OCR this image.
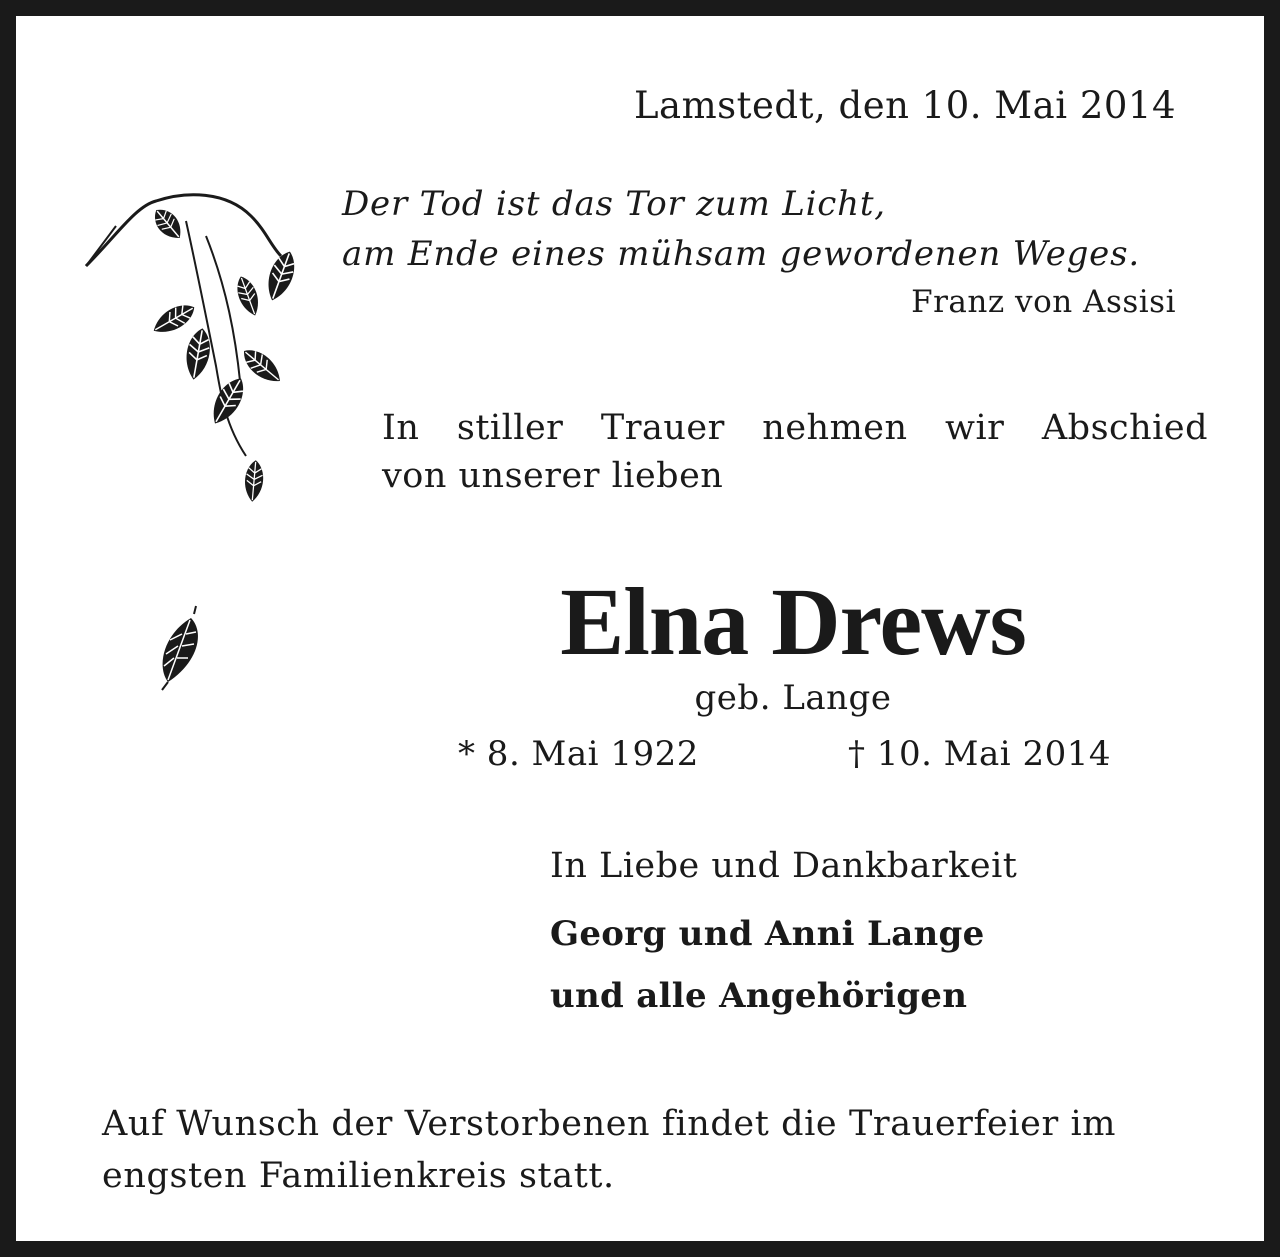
Lamstedt, den 10. Mai 2014
Der Tod ist das Tor zum Licht,
am Ende eines mühsam gewordenen Weges.
Franz von Assisi
In stiller Trauer nehmen wir Abschied
von unserer lieben
Elna Drews
geb. Lange
* 8. Mai 1922	† 10. Mai 2014
In Liebe und Dankbarkeit
Georg und Anni Lange
und alle Angehörigen
Auf Wunsch der Verstorbenen findet die Trauerfeier im
engsten Familienkreis statt.
